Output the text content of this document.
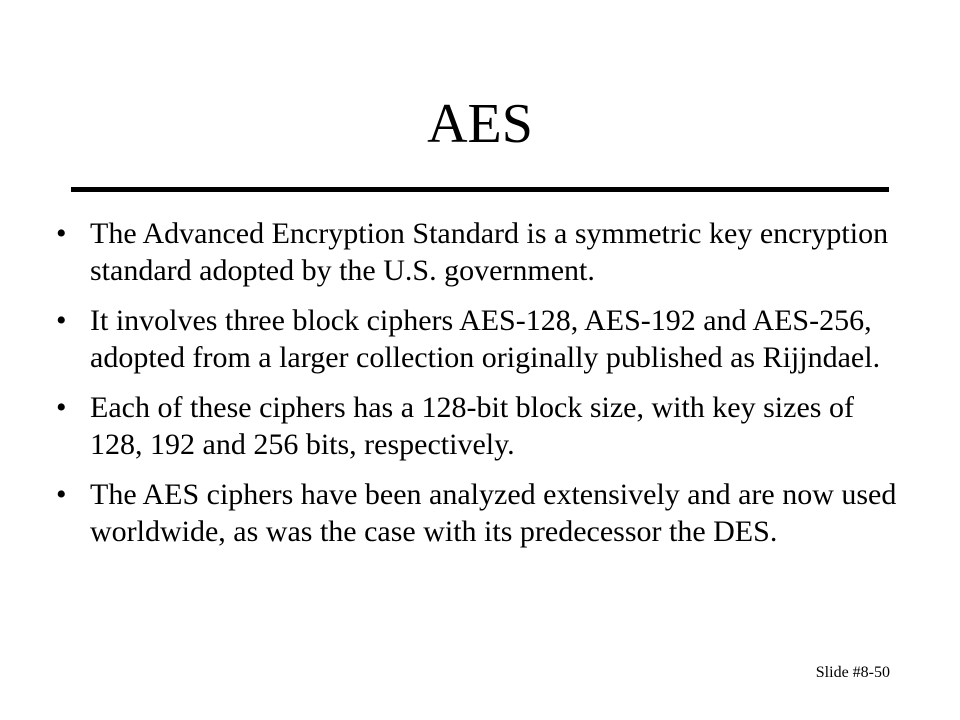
AES
• The Advanced Encryption Standard is a symmetric key encryption standard adopted by the U.S. government.
• It involves three block ciphers AES-128, AES-192 and AES-256, adopted from a larger collection originally published as Rijjndael.
• Each of these ciphers has a 128-bit block size, with key sizes of 128, 192 and 256 bits, respectively.
• The AES ciphers have been analyzed extensively and are now used worldwide, as was the case with its predecessor the DES.
Slide #8-50
